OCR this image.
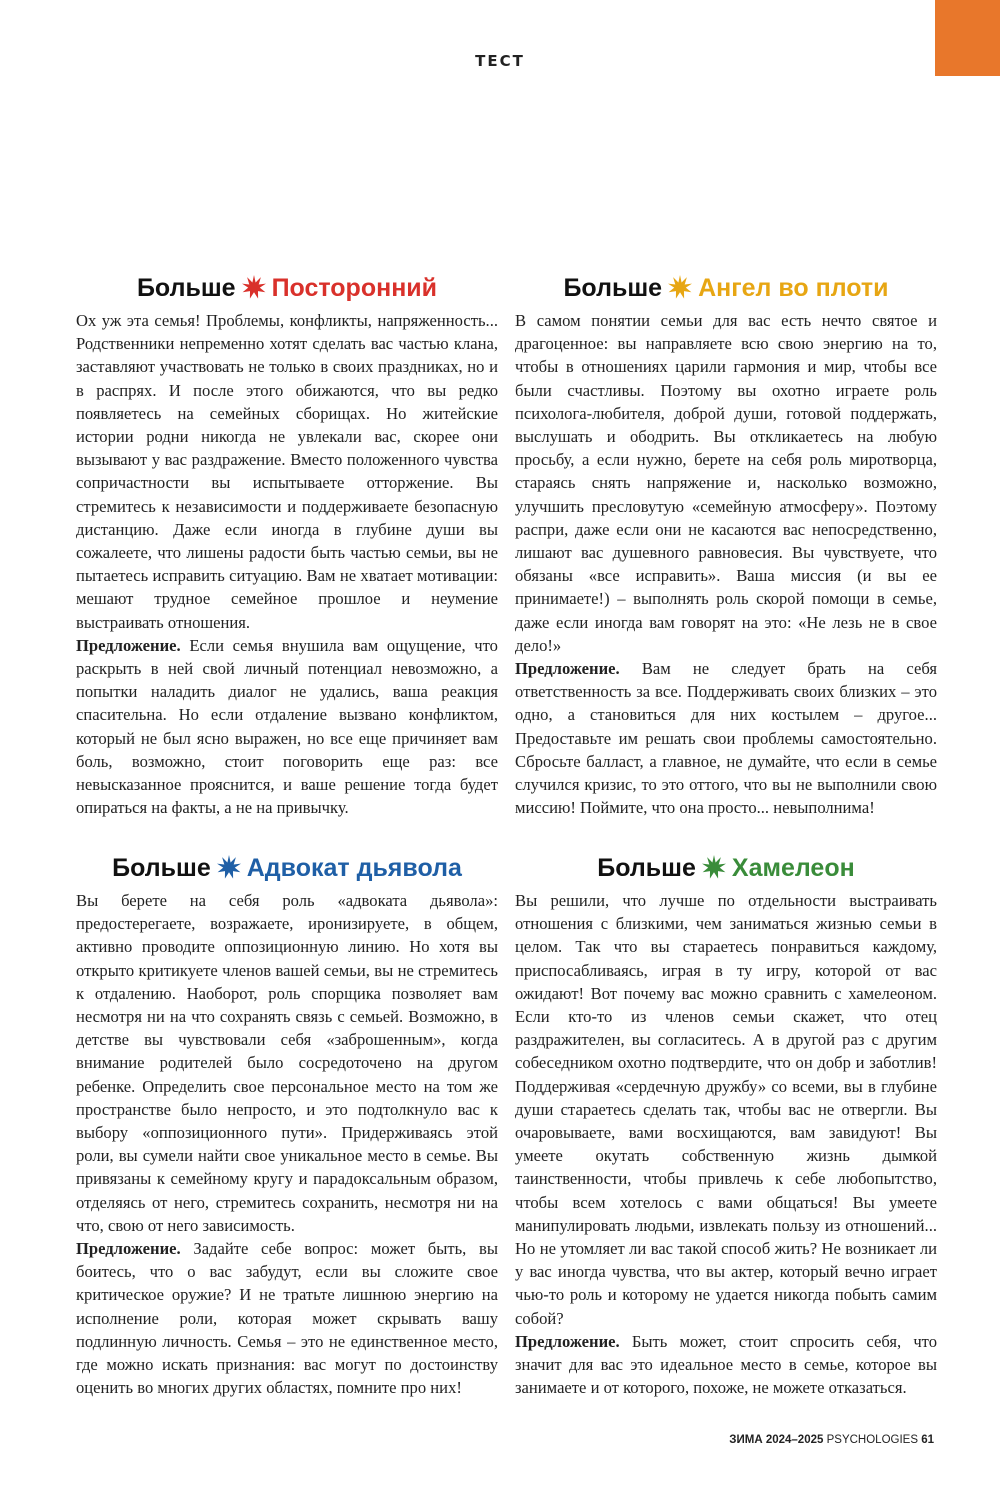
ТЕСТ
Больше Посторонний

Ох уж эта семья! Проблемы, конфликты, напряженность... Родственники непременно хотят сделать вас частью клана, заставляют участвовать не только в своих праздниках, но и в распрях. И после этого обижаются, что вы редко появляетесь на семейных сборищах. Но житейские истории родни никогда не увлекали вас, скорее они вызывают у вас раздражение. Вместо положенного чувства сопричастности вы испытываете отторжение. Вы стремитесь к независимости и поддерживаете безопасную дистанцию. Даже если иногда в глубине души вы сожалеете, что лишены радости быть частью семьи, вы не пытаетесь исправить ситуацию. Вам не хватает мотивации: мешают трудное семейное прошлое и неумение выстраивать отношения.

Предложение. Если семья внушила вам ощущение, что раскрыть в ней свой личный потенциал невозможно, а попытки наладить диалог не удались, ваша реакция спасительна. Но если отдаление вызвано конфликтом, который не был ясно выражен, но все еще причиняет вам боль, возможно, стоит поговорить еще раз: все невысказанное прояснится, и ваше решение тогда будет опираться на факты, а не на привычку.

Больше Ангел во плоти

В самом понятии семьи для вас есть нечто святое и драгоценное: вы направляете всю свою энергию на то, чтобы в отношениях царили гармония и мир, чтобы все были счастливы. Поэтому вы охотно играете роль психолога-любителя, доброй души, готовой поддержать, выслушать и ободрить. Вы откликаетесь на любую просьбу, а если нужно, берете на себя роль миротворца, стараясь снять напряжение и, насколько возможно, улучшить пресловутую «семейную атмосферу». Поэтому распри, даже если они не касаются вас непосредственно, лишают вас душевного равновесия. Вы чувствуете, что обязаны «все исправить». Ваша миссия (и вы ее принимаете!) – выполнять роль скорой помощи в семье, даже если иногда вам говорят на это: «Не лезь не в свое дело!»

Предложение. Вам не следует брать на себя ответственность за все. Поддерживать своих близких – это одно, а становиться для них костылем – другое... Предоставьте им решать свои проблемы самостоятельно. Сбросьте балласт, а главное, не думайте, что если в семье случился кризис, то это оттого, что вы не выполнили свою миссию! Поймите, что она просто... невыполнима!

Больше Адвокат дьявола

Вы берете на себя роль «адвоката дьявола»: предостерегаете, возражаете, иронизируете, в общем, активно проводите оппозиционную линию. Но хотя вы открыто критикуете членов вашей семьи, вы не стремитесь к отдалению. Наоборот, роль спорщика позволяет вам несмотря ни на что сохранять связь с семьей. Возможно, в детстве вы чувствовали себя «заброшенным», когда внимание родителей было сосредоточено на другом ребенке. Определить свое персональное место на том же пространстве было непросто, и это подтолкнуло вас к выбору «оппозиционного пути». Придерживаясь этой роли, вы сумели найти свое уникальное место в семье. Вы привязаны к семейному кругу и парадоксальным образом, отделяясь от него, стремитесь сохранить, несмотря ни на что, свою от него зависимость.

Предложение. Задайте себе вопрос: может быть, вы боитесь, что о вас забудут, если вы сложите свое критическое оружие? И не тратьте лишнюю энергию на исполнение роли, которая может скрывать вашу подлинную личность. Семья – это не единственное место, где можно искать признания: вас могут по достоинству оценить во многих других областях, помните про них!

Больше Хамелеон

Вы решили, что лучше по отдельности выстраивать отношения с близкими, чем заниматься жизнью семьи в целом. Так что вы стараетесь понравиться каждому, приспосабливаясь, играя в ту игру, которой от вас ожидают! Вот почему вас можно сравнить с хамелеоном. Если кто-то из членов семьи скажет, что отец раздражителен, вы согласитесь. А в другой раз с другим собеседником охотно подтвердите, что он добр и заботлив! Поддерживая «сердечную дружбу» со всеми, вы в глубине души стараетесь сделать так, чтобы вас не отвергли. Вы очаровываете, вами восхищаются, вам завидуют! Вы умеете окутать собственную жизнь дымкой таинственности, чтобы привлечь к себе любопытство, чтобы всем хотелось с вами общаться! Вы умеете манипулировать людьми, извлекать пользу из отношений... Но не утомляет ли вас такой способ жить? Не возникает ли у вас иногда чувства, что вы актер, который вечно играет чью-то роль и которому не удается никогда побыть самим собой?

Предложение. Быть может, стоит спросить себя, что значит для вас это идеальное место в семье, которое вы занимаете и от которого, похоже, не можете отказаться.

ЗИМА 2024–2025 PSYCHOLOGIES 61
